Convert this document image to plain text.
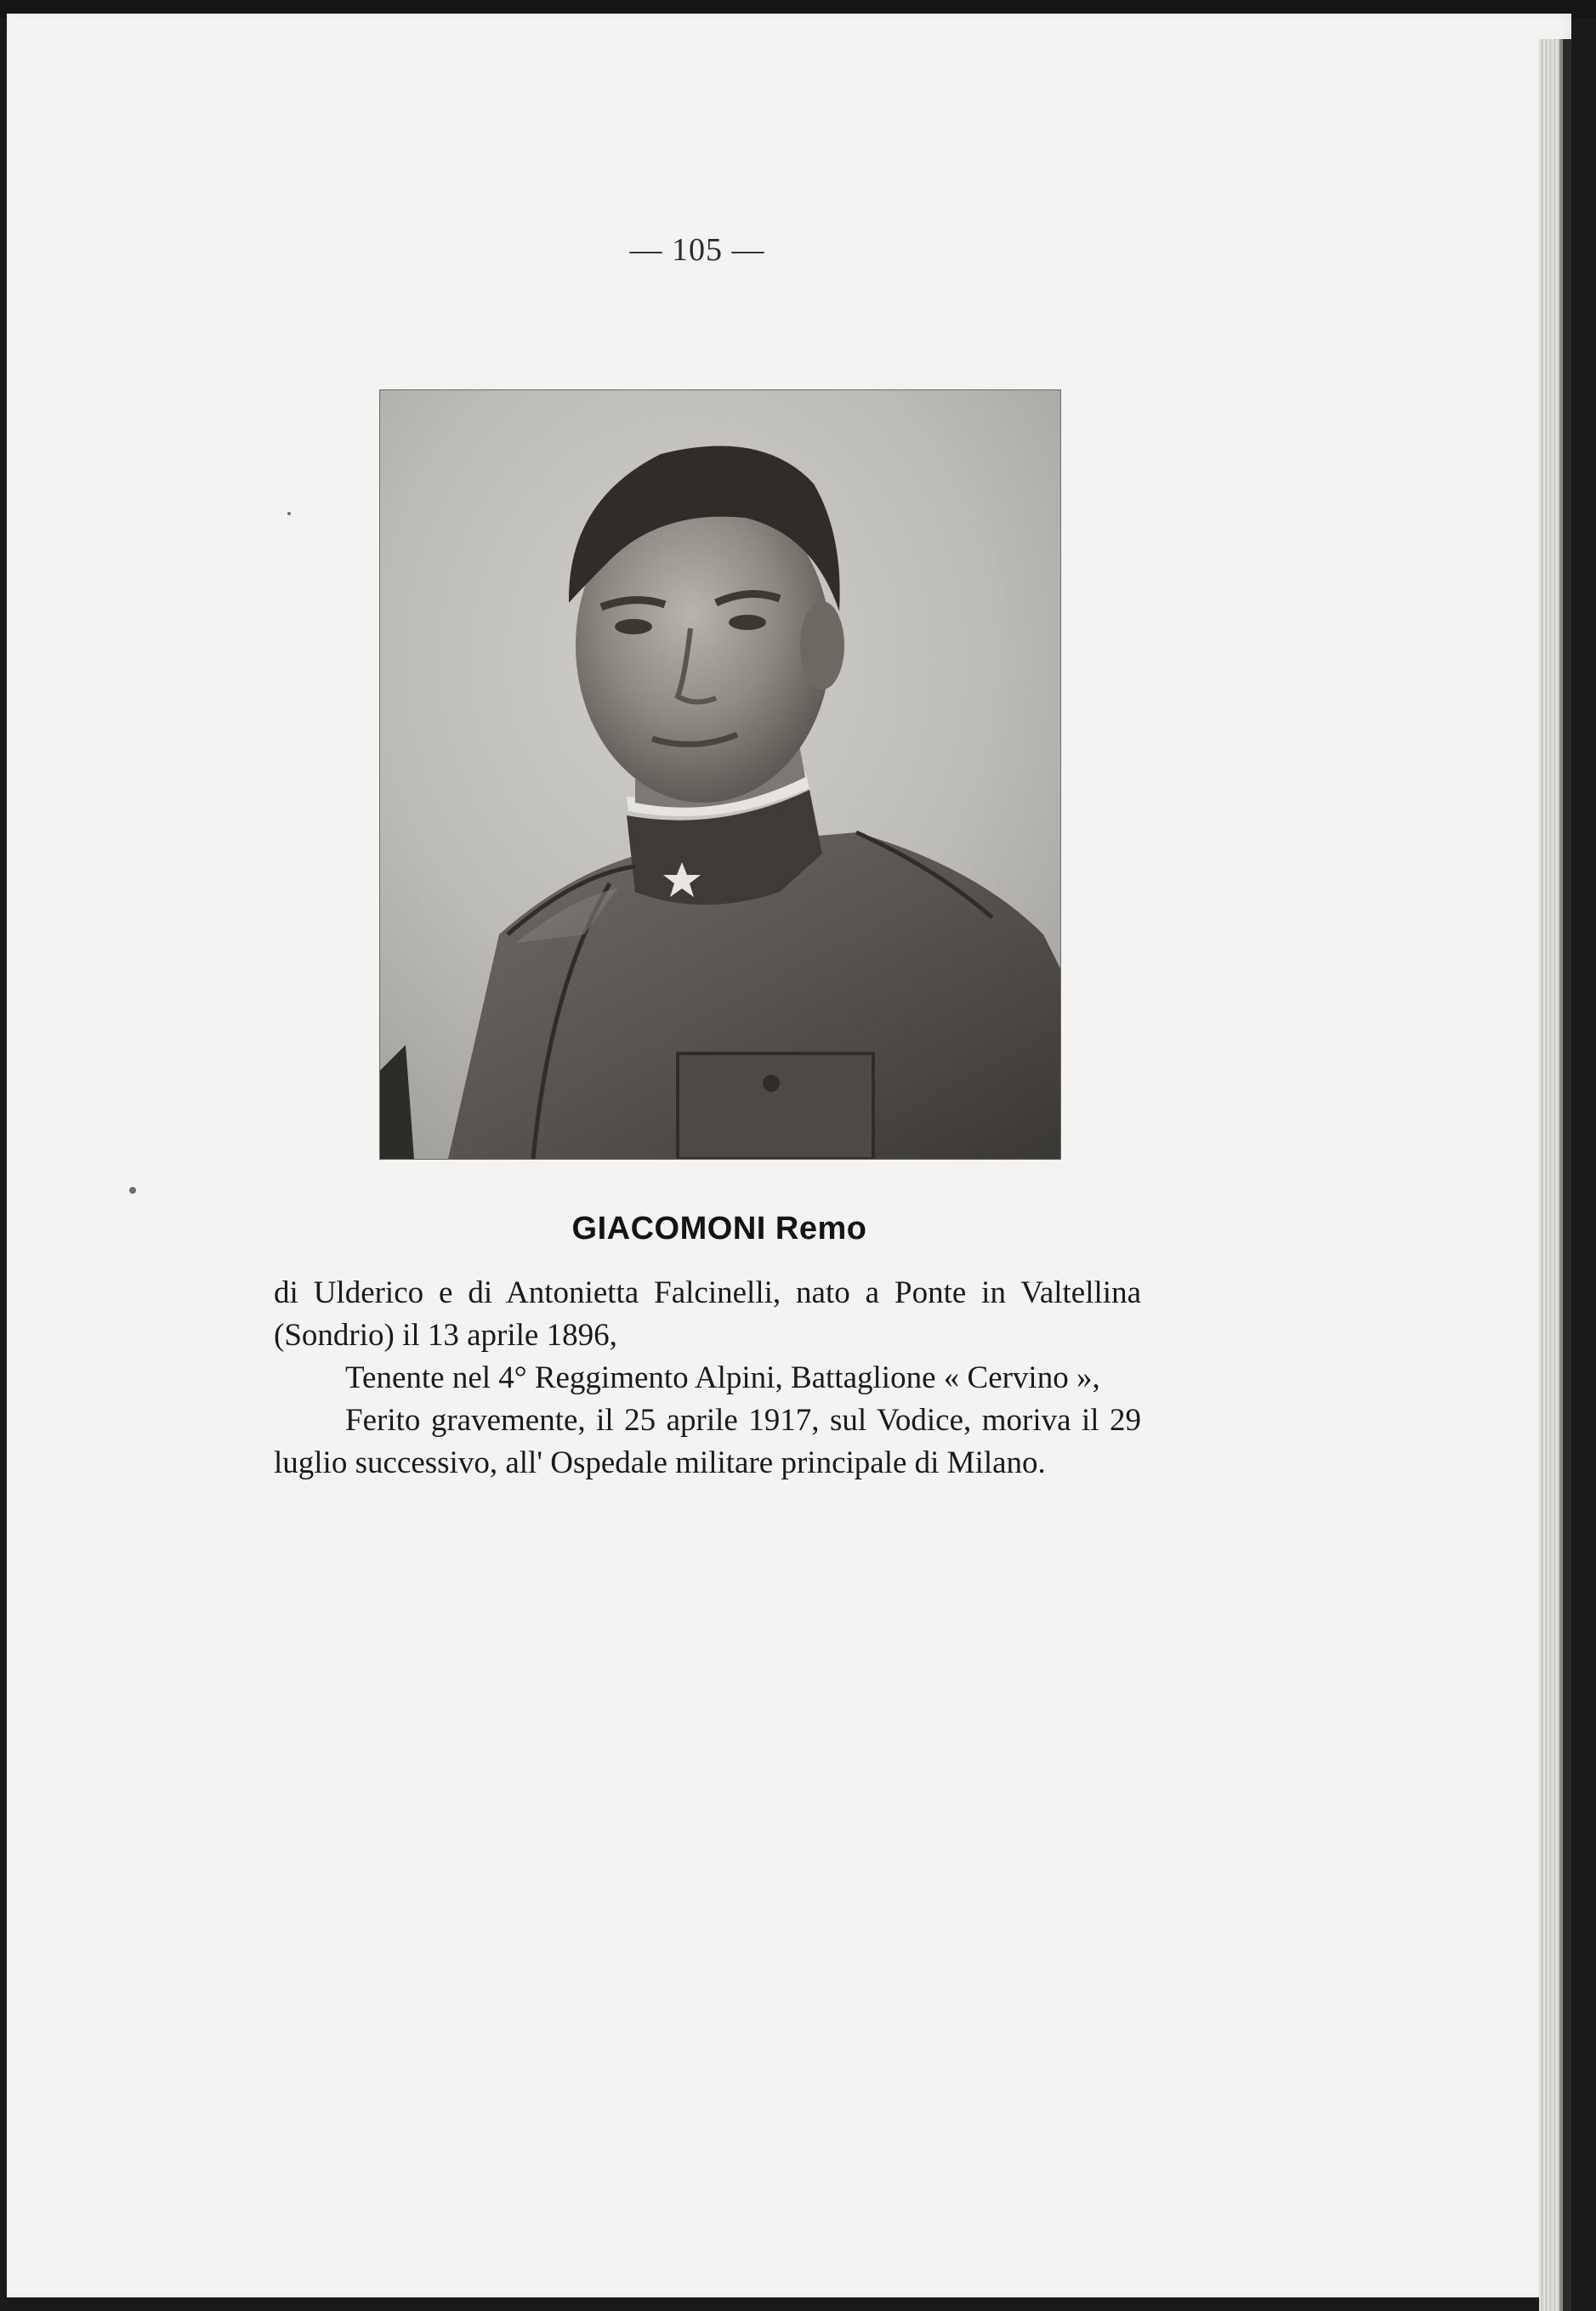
— 105 —
GIACOMONI Remo

di Ulderico e di Antonietta Falcinelli, nato a Ponte in Valtellina (Sondrio) il 13 aprile 1896,

Tenente nel 4° Reggimento Alpini, Battaglione « Cervino »,

Ferito gravemente, il 25 aprile 1917, sul Vodice, moriva il 29 luglio successivo, all' Ospedale militare principale di Milano.
